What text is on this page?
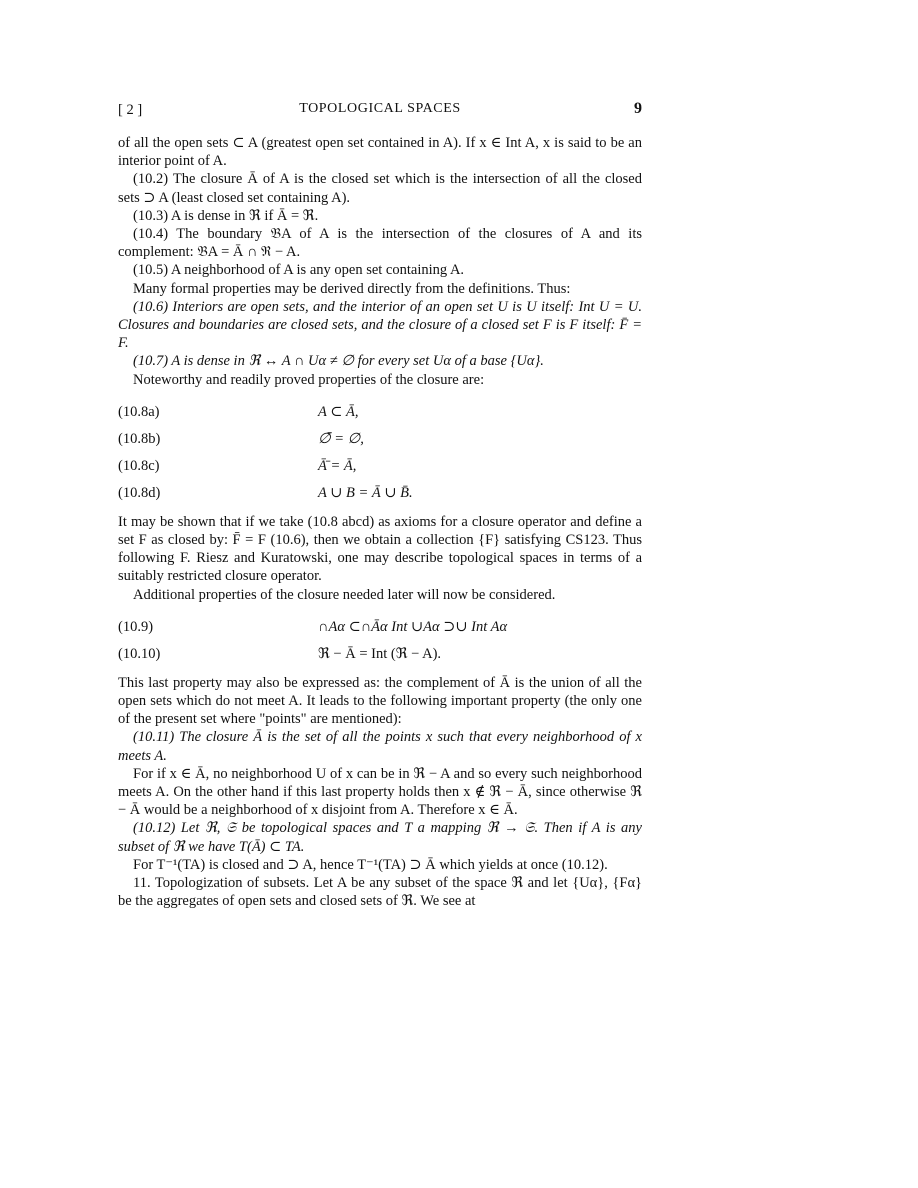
[ 2 ]	TOPOLOGICAL SPACES	9

of all the open sets ⊂ A (greatest open set contained in A). If x ∈ Int A, x is said to be an interior point of A.

(10.2) The closure Ā of A is the closed set which is the intersection of all the closed sets ⊃ A (least closed set containing A).

(10.3) A is dense in ℜ if Ā = ℜ.

(10.4) The boundary 𝔅A of A is the intersection of the closures of A and its complement: 𝔅A = Ā ∩ ℜ − A.

(10.5) A neighborhood of A is any open set containing A.

Many formal properties may be derived directly from the definitions. Thus:

(10.6) Interiors are open sets, and the interior of an open set U is U itself: Int U = U. Closures and boundaries are closed sets, and the closure of a closed set F is F itself: F̄ = F.

(10.7) A is dense in ℜ ↔ A ∩ Uα ≠ ∅ for every set Uα of a base {Uα}.

Noteworthy and readily proved properties of the closure are:

(10.8a)	A ⊂ Ā,
(10.8b)	∅̄ = ∅,
(10.8c)	Ā̄ = Ā,
(10.8d)	A ∪ B = Ā ∪ B̄.

It may be shown that if we take (10.8 abcd) as axioms for a closure operator and define a set F as closed by: F̄ = F (10.6), then we obtain a collection {F} satisfying CS123. Thus following F. Riesz and Kuratowski, one may describe topological spaces in terms of a suitably restricted closure operator.

Additional properties of the closure needed later will now be considered.

(10.9)	∩Aα ⊂∩Āα Int ∪Aα ⊃∪ Int Aα
(10.10)	ℜ − Ā = Int (ℜ − A).

This last property may also be expressed as: the complement of Ā is the union of all the open sets which do not meet A. It leads to the following important property (the only one of the present set where "points" are mentioned):

(10.11) The closure Ā is the set of all the points x such that every neighborhood of x meets A.

For if x ∈ Ā, no neighborhood U of x can be in ℜ − A and so every such neighborhood meets A. On the other hand if this last property holds then x ∉ ℜ − Ā, since otherwise ℜ − Ā would be a neighborhood of x disjoint from A. Therefore x ∈ Ā.

(10.12) Let ℜ, 𝔖 be topological spaces and T a mapping ℜ → 𝔖. Then if A is any subset of ℜ we have T(Ā) ⊂ TA.

For T⁻¹(TA) is closed and ⊃ A, hence T⁻¹(TA) ⊃ Ā which yields at once (10.12).

11. Topologization of subsets. Let A be any subset of the space ℜ and let {Uα}, {Fα} be the aggregates of open sets and closed sets of ℜ. We see at
